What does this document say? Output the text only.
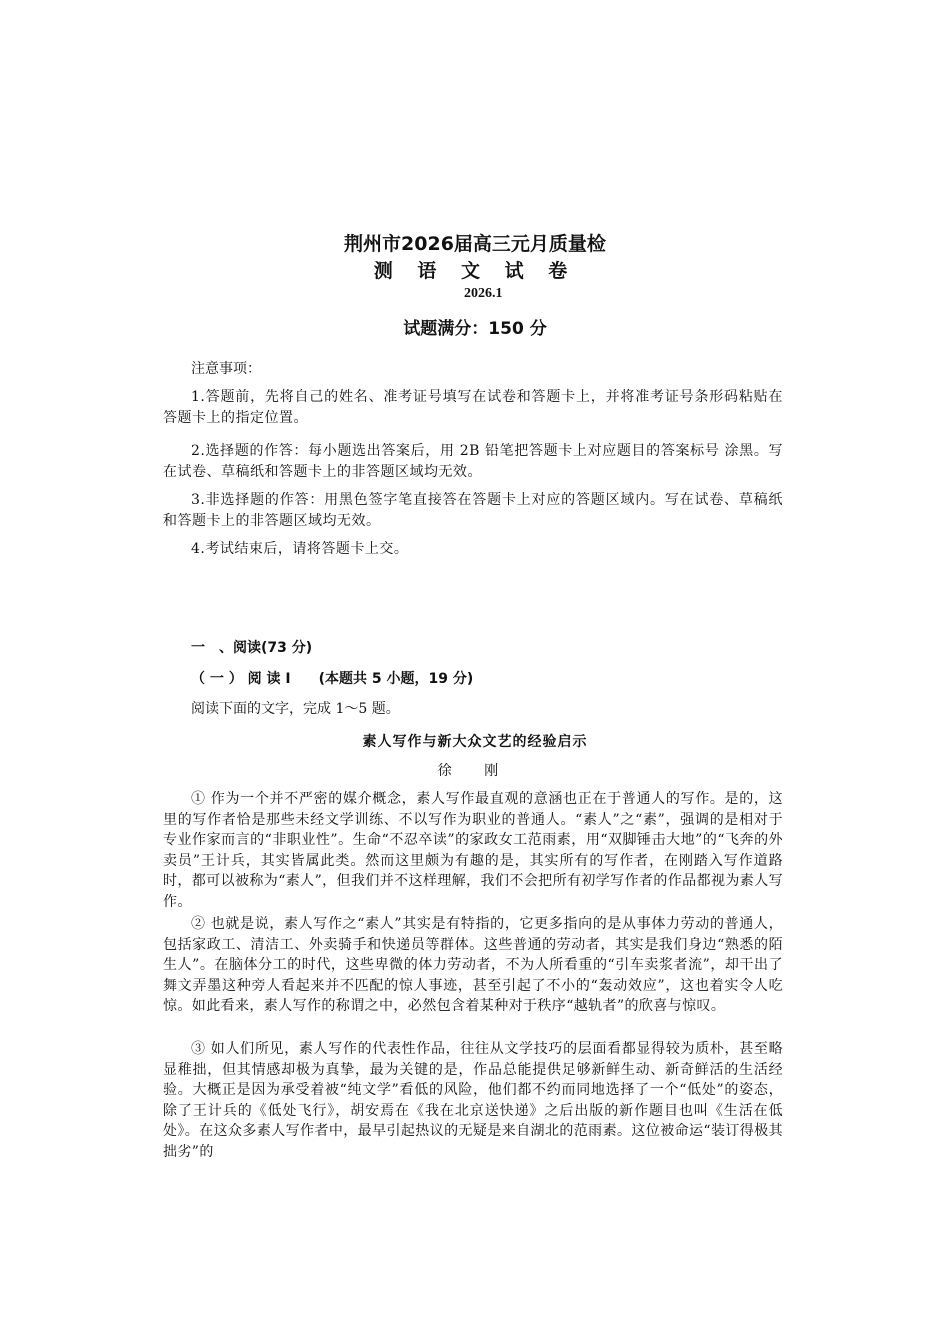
荆州市2026届高三元月质量检
测 语 文 试 卷
2026.1
试题满分：150 分
注意事项：
1.答题前，先将自己的姓名、准考证号填写在试卷和答题卡上，并将准考证号条形码粘贴在答题卡上的指定位置。
2.选择题的作答：每小题选出答案后，用 2B 铅笔把答题卡上对应题目的答案标号 涂黑。写在试卷、草稿纸和答题卡上的非答题区域均无效。
3.非选择题的作答：用黑色签字笔直接答在答题卡上对应的答题区域内。写在试卷、草稿纸和答题卡上的非答题区域均无效。
4.考试结束后，请将答题卡上交。
一　、阅读(73 分)
（ 一 ） 阅 读 I　　(本题共 5 小题，19 分)
阅读下面的文字，完成 1～5 题。
素人写作与新大众文艺的经验启示
徐 刚
① 作为一个并不严密的媒介概念，素人写作最直观的意涵也正在于普通人的写作。是的，这里的写作者恰是那些未经文学训练、不以写作为职业的普通人。“素人”之“素”，强调的是相对于专业作家而言的“非职业性”。生命“不忍卒读”的家政女工范雨素，用“双脚锤击大地”的“飞奔的外卖员”王计兵，其实皆属此类。然而这里颇为有趣的是，其实所有的写作者，在刚踏入写作道路时，都可以被称为“素人”，但我们并不这样理解，我们不会把所有初学写作者的作品都视为素人写作。
② 也就是说，素人写作之“素人”其实是有特指的，它更多指向的是从事体力劳动的普通人，包括家政工、清洁工、外卖骑手和快递员等群体。这些普通的劳动者，其实是我们身边“熟悉的陌生人”。在脑体分工的时代，这些卑微的体力劳动者，不为人所看重的“引车卖浆者流”，却干出了舞文弄墨这种旁人看起来并不匹配的惊人事迹，甚至引起了不小的“轰动效应”，这也着实令人吃惊。如此看来，素人写作的称谓之中，必然包含着某种对于秩序“越轨者”的欣喜与惊叹。
③ 如人们所见，素人写作的代表性作品，往往从文学技巧的层面看都显得较为质朴，甚至略显稚拙，但其情感却极为真挚，最为关键的是，作品总能提供足够新鲜生动、新奇鲜活的生活经验。大概正是因为承受着被“纯文学”看低的风险，他们都不约而同地选择了一个“低处”的姿态，除了王计兵的《低处飞行》，胡安焉在《我在北京送快递》之后出版的新作题目也叫《生活在低处》。在这众多素人写作者中，最早引起热议的无疑是来自湖北的范雨素。这位被命运“装订得极其拙劣”的
